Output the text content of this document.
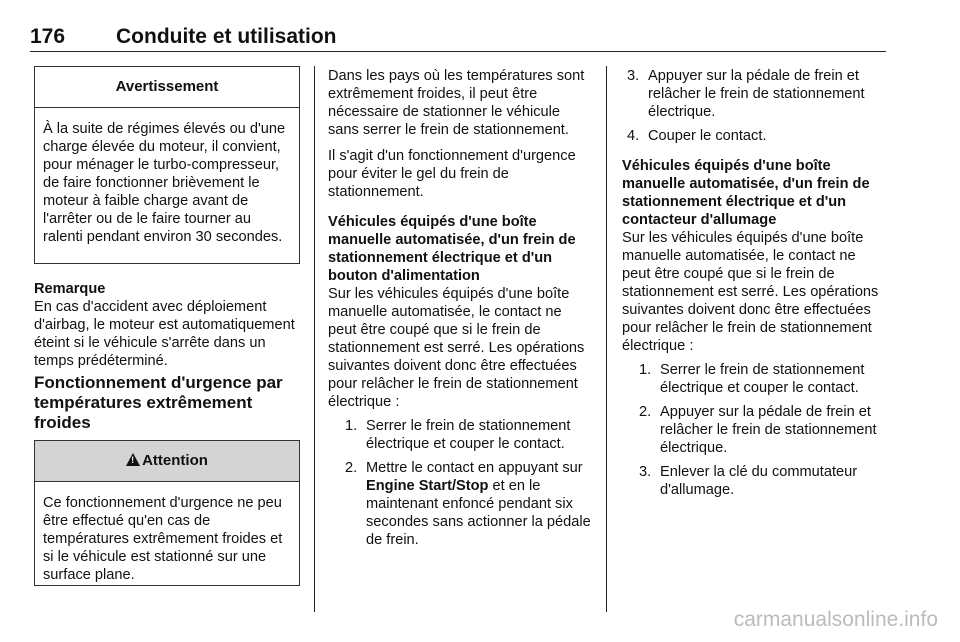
176 Conduite et utilisation
Avertissement

À la suite de régimes élevés ou d'une charge élevée du moteur, il convient, pour ménager le turbo-compresseur, de faire fonctionner brièvement le moteur à faible charge avant de l'arrêter ou de le faire tourner au ralenti pendant environ 30 secondes.

Remarque

En cas d'accident avec déploiement d'airbag, le moteur est automatiquement éteint si le véhicule s'arrête dans un temps prédéterminé.

Fonctionnement d'urgence par températures extrêmement froides
!Attention

Ce fonctionnement d'urgence ne peu être effectué qu'en cas de températures extrêmement froides et si le véhicule est stationné sur une surface plane.

Dans les pays où les températures sont extrêmement froides, il peut être nécessaire de stationner le véhicule sans serrer le frein de stationnement.

Il s'agit d'un fonctionnement d'urgence pour éviter le gel du frein de stationnement.

Véhicules équipés d'une boîte manuelle automatisée, d'un frein de stationnement électrique et d'un bouton d'alimentation

Sur les véhicules équipés d'une boîte manuelle automatisée, le contact ne peut être coupé que si le frein de stationnement est serré. Les opérations suivantes doivent donc être effectuées pour relâcher le frein de stationnement électrique :

1. Serrer le frein de stationnement électrique et couper le contact.
2. Mettre le contact en appuyant sur Engine Start/Stop et en le maintenant enfoncé pendant six secondes sans actionner la pédale de frein.
3. Appuyer sur la pédale de frein et relâcher le frein de stationnement électrique.
4. Couper le contact.

Véhicules équipés d'une boîte manuelle automatisée, d'un frein de stationnement électrique et d'un contacteur d'allumage

Sur les véhicules équipés d'une boîte manuelle automatisée, le contact ne peut être coupé que si le frein de stationnement est serré. Les opérations suivantes doivent donc être effectuées pour relâcher le frein de stationnement électrique :

1. Serrer le frein de stationnement électrique et couper le contact.
2. Appuyer sur la pédale de frein et relâcher le frein de stationnement électrique.
3. Enlever la clé du commutateur d'allumage.
carmanualsonline.info
